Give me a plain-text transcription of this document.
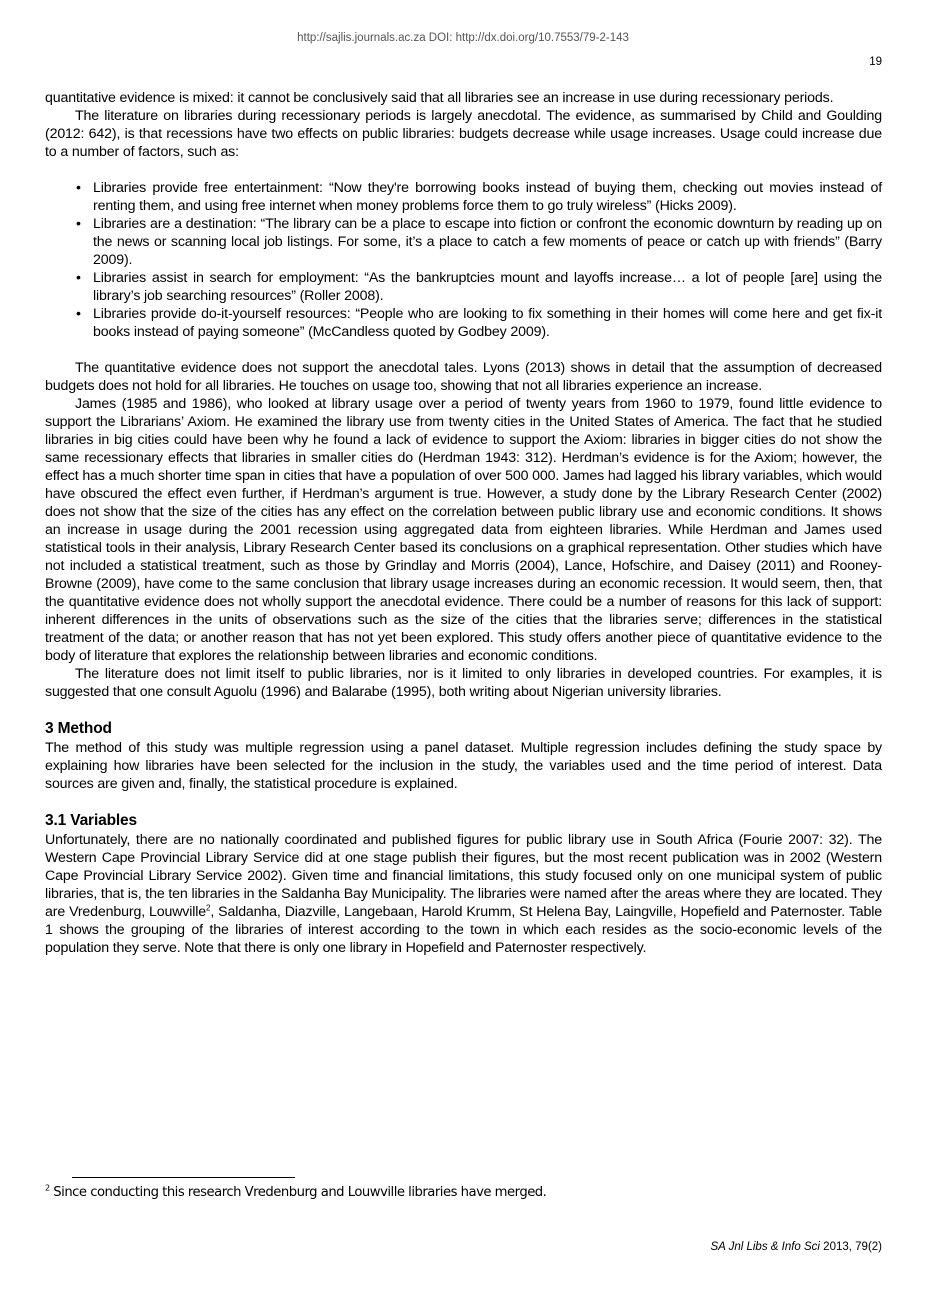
http://sajlis.journals.ac.za DOI: http://dx.doi.org/10.7553/79-2-143
19

quantitative evidence is mixed: it cannot be conclusively said that all libraries see an increase in use during recessionary periods.

The literature on libraries during recessionary periods is largely anecdotal. The evidence, as summarised by Child and Goulding (2012: 642), is that recessions have two effects on public libraries: budgets decrease while usage increases. Usage could increase due to a number of factors, such as:

• Libraries provide free entertainment: “Now they're borrowing books instead of buying them, checking out movies instead of renting them, and using free internet when money problems force them to go truly wireless” (Hicks 2009).
• Libraries are a destination: “The library can be a place to escape into fiction or confront the economic downturn by reading up on the news or scanning local job listings. For some, it’s a place to catch a few moments of peace or catch up with friends” (Barry 2009).
• Libraries assist in search for employment: “As the bankruptcies mount and layoffs increase… a lot of people [are] using the library’s job searching resources” (Roller 2008).
• Libraries provide do-it-yourself resources: “People who are looking to fix something in their homes will come here and get fix-it books instead of paying someone” (McCandless quoted by Godbey 2009).

The quantitative evidence does not support the anecdotal tales. Lyons (2013) shows in detail that the assumption of decreased budgets does not hold for all libraries. He touches on usage too, showing that not all libraries experience an increase.

James (1985 and 1986), who looked at library usage over a period of twenty years from 1960 to 1979, found little evidence to support the Librarians’ Axiom. He examined the library use from twenty cities in the United States of America. The fact that he studied libraries in big cities could have been why he found a lack of evidence to support the Axiom: libraries in bigger cities do not show the same recessionary effects that libraries in smaller cities do (Herdman 1943: 312). Herdman’s evidence is for the Axiom; however, the effect has a much shorter time span in cities that have a population of over 500 000. James had lagged his library variables, which would have obscured the effect even further, if Herdman’s argument is true. However, a study done by the Library Research Center (2002) does not show that the size of the cities has any effect on the correlation between public library use and economic conditions. It shows an increase in usage during the 2001 recession using aggregated data from eighteen libraries. While Herdman and James used statistical tools in their analysis, Library Research Center based its conclusions on a graphical representation. Other studies which have not included a statistical treatment, such as those by Grindlay and Morris (2004), Lance, Hofschire, and Daisey (2011) and Rooney-Browne (2009), have come to the same conclusion that library usage increases during an economic recession. It would seem, then, that the quantitative evidence does not wholly support the anecdotal evidence. There could be a number of reasons for this lack of support: inherent differences in the units of observations such as the size of the cities that the libraries serve; differences in the statistical treatment of the data; or another reason that has not yet been explored. This study offers another piece of quantitative evidence to the body of literature that explores the relationship between libraries and economic conditions.

The literature does not limit itself to public libraries, nor is it limited to only libraries in developed countries. For examples, it is suggested that one consult Aguolu (1996) and Balarabe (1995), both writing about Nigerian university libraries.

3 Method

The method of this study was multiple regression using a panel dataset. Multiple regression includes defining the study space by explaining how libraries have been selected for the inclusion in the study, the variables used and the time period of interest. Data sources are given and, finally, the statistical procedure is explained.

3.1 Variables

Unfortunately, there are no nationally coordinated and published figures for public library use in South Africa (Fourie 2007: 32). The Western Cape Provincial Library Service did at one stage publish their figures, but the most recent publication was in 2002 (Western Cape Provincial Library Service 2002). Given time and financial limitations, this study focused only on one municipal system of public libraries, that is, the ten libraries in the Saldanha Bay Municipality. The libraries were named after the areas where they are located. They are Vredenburg, Louwville$^2$, Saldanha, Diazville, Langebaan, Harold Krumm, St Helena Bay, Laingville, Hopefield and Paternoster. Table 1 shows the grouping of the libraries of interest according to the town in which each resides as the socio-economic levels of the population they serve. Note that there is only one library in Hopefield and Paternoster respectively.

$^2$ Since conducting this research Vredenburg and Louwville libraries have merged.
SA Jnl Libs & Info Sci 2013, 79(2)
